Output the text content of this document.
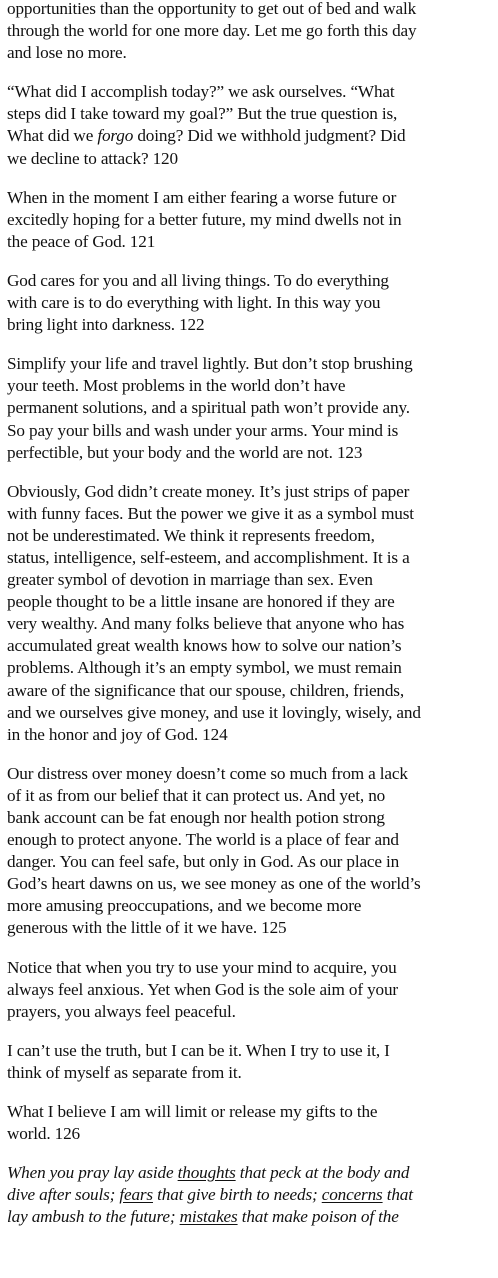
opportunities than the opportunity to get out of bed and walk
through the world for one more day. Let me go forth this day
and lose no more.

“What did I accomplish today?” we ask ourselves. “What
steps did I take toward my goal?” But the true question is,
What did we forgo doing? Did we withhold judgment? Did
we decline to attack? 120

When in the moment I am either fearing a worse future or
excitedly hoping for a better future, my mind dwells not in
the peace of God. 121

God cares for you and all living things. To do everything
with care is to do everything with light. In this way you
bring light into darkness. 122

Simplify your life and travel lightly. But don’t stop brushing
your teeth. Most problems in the world don’t have
permanent solutions, and a spiritual path won’t provide any.
So pay your bills and wash under your arms. Your mind is
perfectible, but your body and the world are not. 123

Obviously, God didn’t create money. It’s just strips of paper
with funny faces. But the power we give it as a symbol must
not be underestimated. We think it represents freedom,
status, intelligence, self-esteem, and accomplishment. It is a
greater symbol of devotion in marriage than sex. Even
people thought to be a little insane are honored if they are
very wealthy. And many folks believe that anyone who has
accumulated great wealth knows how to solve our nation’s
problems. Although it’s an empty symbol, we must remain
aware of the significance that our spouse, children, friends,
and we ourselves give money, and use it lovingly, wisely, and
in the honor and joy of God. 124

Our distress over money doesn’t come so much from a lack
of it as from our belief that it can protect us. And yet, no
bank account can be fat enough nor health potion strong
enough to protect anyone. The world is a place of fear and
danger. You can feel safe, but only in God. As our place in
God’s heart dawns on us, we see money as one of the world’s
more amusing preoccupations, and we become more
generous with the little of it we have. 125

Notice that when you try to use your mind to acquire, you
always feel anxious. Yet when God is the sole aim of your
prayers, you always feel peaceful.

I can’t use the truth, but I can be it. When I try to use it, I
think of myself as separate from it.

What I believe I am will limit or release my gifts to the
world. 126

When you pray lay aside thoughts that peck at the body and
dive after souls; fears that give birth to needs; concerns that
lay ambush to the future; mistakes that make poison of the
